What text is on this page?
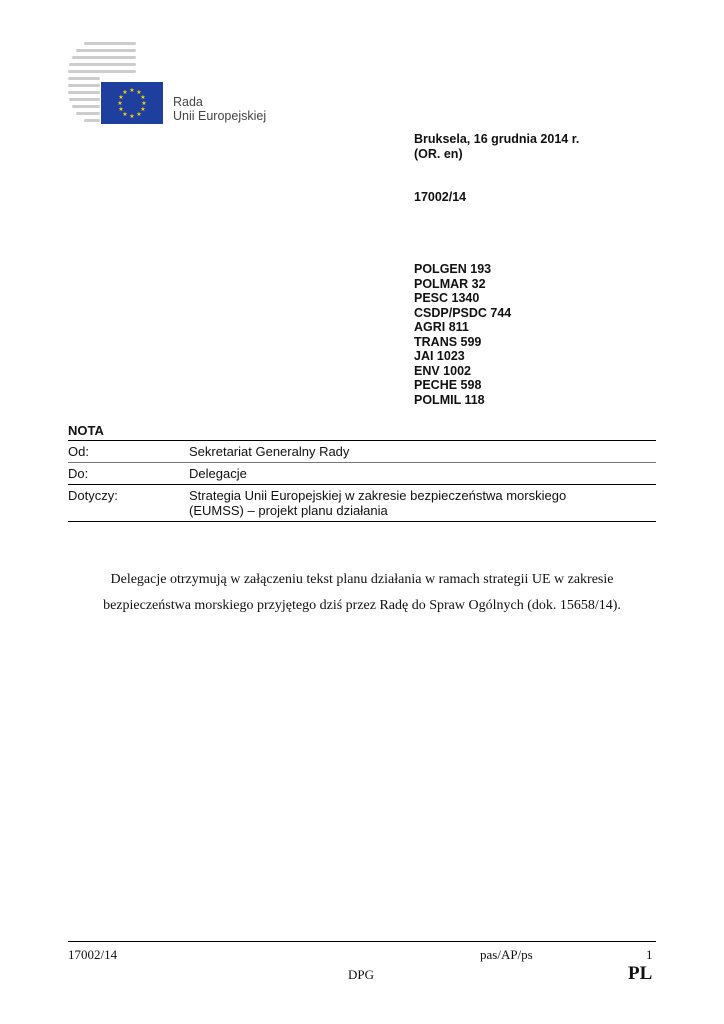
★ ★
★
★
★
★
★
★
★
★
★
★
Rada
Unii Europejskiej
Bruksela, 16 grudnia 2014 r.
(OR. en)
17002/14
POLGEN 193
POLMAR 32
PESC 1340
CSDP/PSDC 744
AGRI 811
TRANS 599
JAI 1023
ENV 1002
PECHE 598
POLMIL 118
NOTA
Od:	Sekretariat Generalny Rady
Do:	Delegacje
Dotyczy:	Strategia Unii Europejskiej w zakresie bezpieczeństwa morskiego
(EUMSS) – projekt planu działania
Delegacje otrzymują w załączeniu tekst planu działania w ramach strategii UE w zakresie
bezpieczeństwa morskiego przyjętego dziś przez Radę do Spraw Ogólnych (dok. 15658/14).
17002/14	pas/AP/ps	1
DPG	PL
